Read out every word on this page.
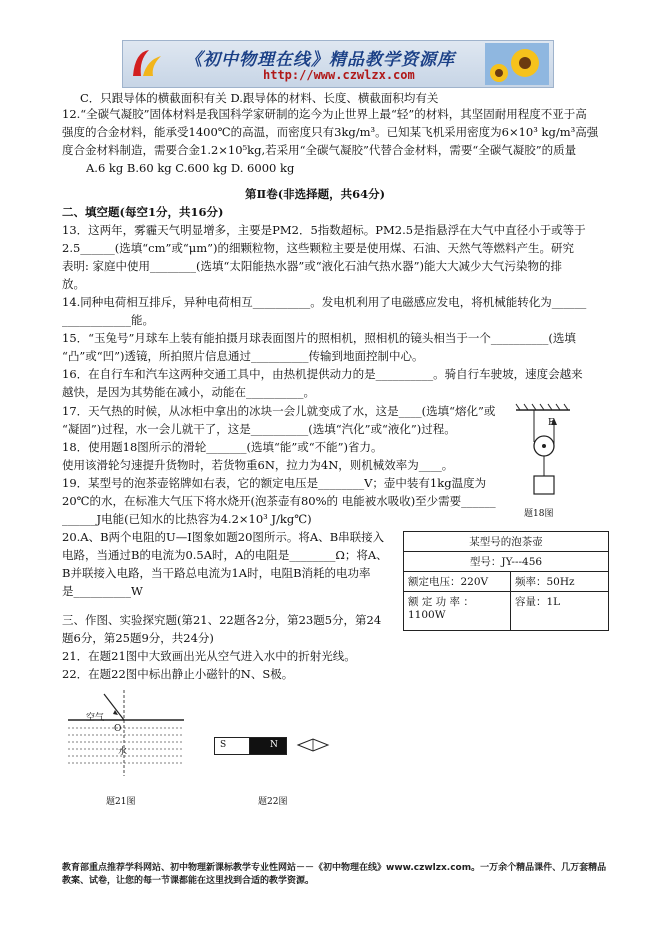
《初中物理在线》精品教学资源库
http://www.czwlzx.com
C．只跟导体的横截面积有关 D.跟导体的材料、长度、横截面积均有关
12.“全碳气凝胶”固体材料是我国科学家研制的迄今为止世界上最“轻”的材料，其坚固耐用程度不亚于高
强度的合金材料，能承受1400℃的高温，而密度只有3kg/m³。已知某飞机采用密度为6×10³ kg/m³高强
度合金材料制造，需要合金1.2×10⁵kg,若采用“全碳气凝胶”代替合金材料，需要“全碳气凝胶”的质量
A.6 kg B.60 kg C.600 kg D. 6000 kg
第Ⅱ卷(非选择题，共64分)
二、填空题(每空1分，共16分)
13．这两年，雾霾天气明显增多，主要是PM2．5指数超标。PM2.5是指悬浮在大气中直径小于或等于
2.5______(选填“cm”或“μm”)的细颗粒物，这些颗粒主要是使用煤、石油、天然气等燃料产生。研究
表明: 家庭中使用________(选填“太阳能热水器”或“液化石油气热水器”)能大大减少大气污染物的排
放。
14.同种电荷相互排斥，异种电荷相互__________。发电机利用了电磁感应发电，将机械能转化为______
____________能。
15．“玉兔号”月球车上装有能拍摄月球表面图片的照相机，照相机的镜头相当于一个__________(选填
“凸”或“凹”)透镜，所拍照片信息通过__________传输到地面控制中心。
16．在自行车和汽车这两种交通工具中，由热机提供动力的是__________。骑自行车驶坡，速度会越来
越快，是因为其势能在减小，动能在__________。
17．天气热的时候，从冰柜中拿出的冰块一会儿就变成了水，这是____(选填“熔化”或
“凝固”)过程，水一会儿就干了，这是__________(选填“汽化”或“液化”)过程。
18．使用题18图所示的滑轮_______(选填“能”或“不能”)省力。
使用该滑轮匀速提升货物时，若货物重6N，拉力为4N，则机械效率为____。
19．某型号的泡茶壶铭牌如右表，它的额定电压是________V；壶中装有1kg温度为
20℃的水，在标准大气压下将水烧开(泡茶壶有80%的 电能被水吸收)至少需要______
______J电能(已知水的比热容为4.2×10³ J/kg℃)
20.A、B两个电阻的U—I图象如题20图所示。将A、B串联接入
电路，当通过B的电流为0.5A时，A的电阻是________Ω；将A、
B并联接入电路，当干路总电流为1A时，电阻B消耗的电功率
是__________W
三、作图、实验探究题(第21、22题各2分，第23题5分，第24
题6分，第25题9分，共24分)
21．在题21图中大致画出光从空气进入水中的折射光线。
22．在题22图中标出静止小磁针的N、S极。
F
题18图
某型号的泡茶壶	
型号：JY---456	
额定电压：220V	频率：50Hz
额 定 功 率 ： 1100W	容量：1L
空气
O
水
题21图
S	N
题22图
教育部重点推荐学科网站、初中物理新课标教学专业性网站－－《初中物理在线》www.czwlzx.com。一万余个精品课件、几万套精品教案、试卷，让您的每一节课都能在这里找到合适的教学资源。
